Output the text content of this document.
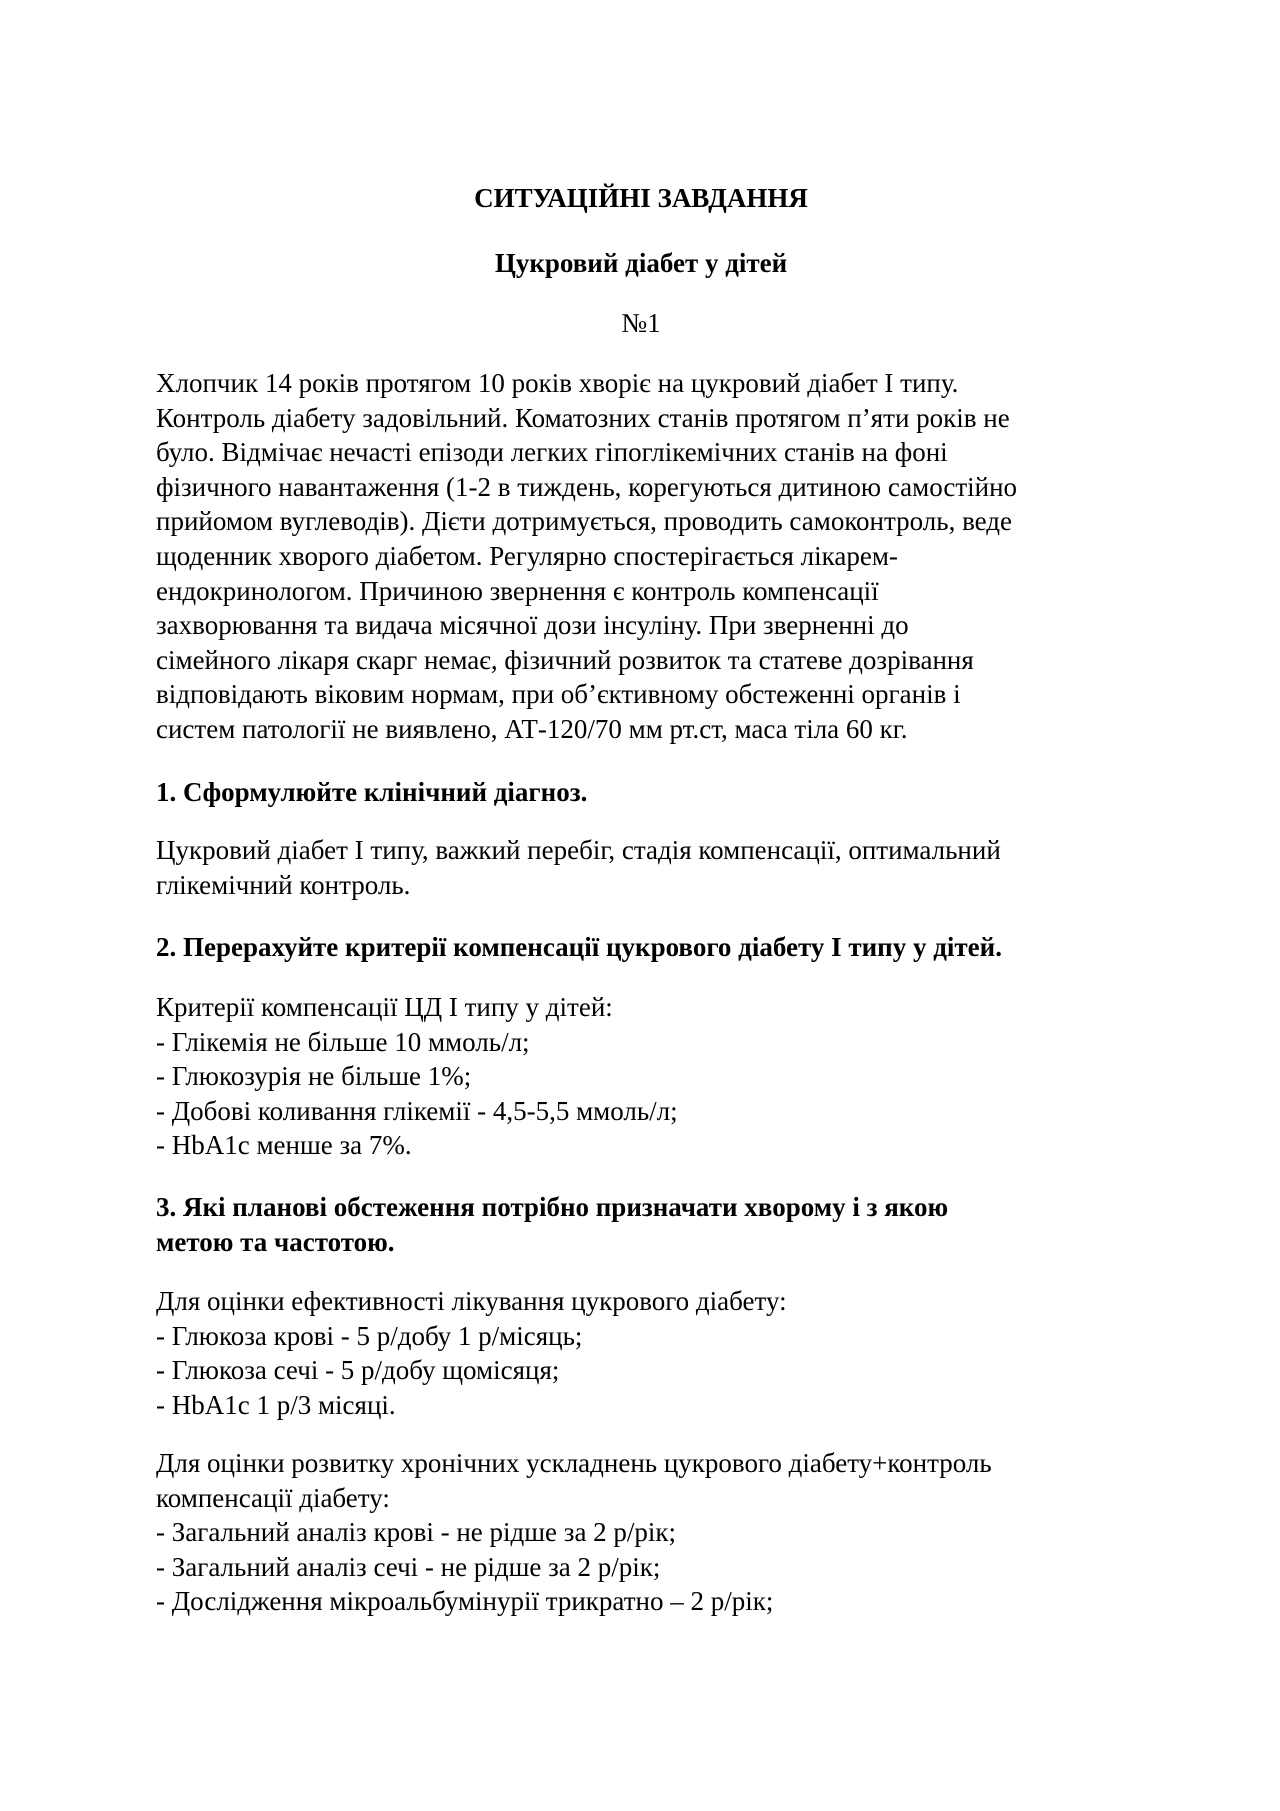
СИТУАЦІЙНІ ЗАВДАННЯ
Цукровий діабет у дітей
№1
Хлопчик 14 років протягом 10 років хворіє на цукровий діабет І типу.
Контроль діабету задовільний. Коматозних станів протягом п’яти років не
було. Відмічає нечасті епізоди легких гіпоглікемічних станів на фоні
фізичного навантаження (1-2 в тиждень, корегуються дитиною самостійно
прийомом вуглеводів). Дієти дотримується, проводить самоконтроль, веде
щоденник хворого діабетом. Регулярно спостерігається лікарем-
ендокринологом. Причиною звернення є контроль компенсації
захворювання та видача місячної дози інсуліну. При зверненні до
сімейного лікаря скарг немає, фізичний розвиток та статеве дозрівання
відповідають віковим нормам, при об’єктивному обстеженні органів і
систем патології не виявлено, АТ-120/70 мм рт.ст, маса тіла 60 кг.
1. Сформулюйте клінічний діагноз.
Цукровий діабет І типу, важкий перебіг, стадія компенсації, оптимальний
глікемічний контроль.
2. Перерахуйте критерії компенсації цукрового діабету І типу у дітей.
Критерії компенсації ЦД І типу у дітей:
- Глікемія не більше 10 ммоль/л;
- Глюкозурія не більше 1%;
- Добові коливання глікемії - 4,5-5,5 ммоль/л;
- HbA1c менше за 7%.
3. Які планові обстеження потрібно призначати хворому і з якою
метою та частотою.
Для оцінки ефективності лікування цукрового діабету:
- Глюкоза крові - 5 р/добу 1 р/місяць;
- Глюкоза сечі - 5 р/добу щомісяця;
- HbA1c 1 р/3 місяці.
Для оцінки розвитку хронічних ускладнень цукрового діабету+контроль
компенсації діабету:
- Загальний аналіз крові - не рідше за 2 р/рік;
- Загальний аналіз сечі - не рідше за 2 р/рік;
- Дослідження мікроальбумінурії трикратно – 2 р/рік;
